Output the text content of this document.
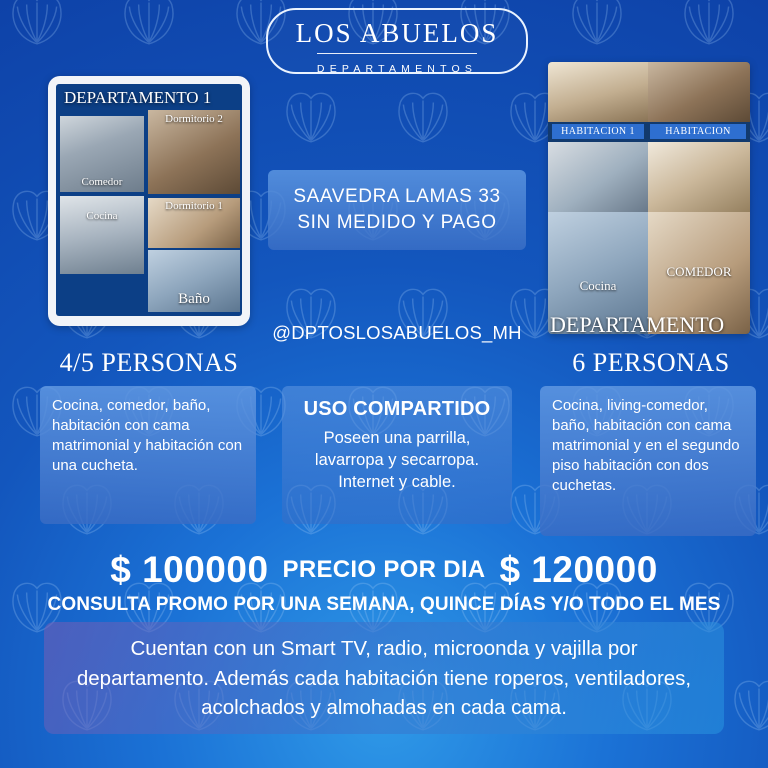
LOS ABUELOS
DEPARTAMENTOS
DEPARTAMENTO 1
Comedor
Dormitorio 2
Cocina
Dormitorio 1
Baño
HABITACION 1	HABITACION
Cocina
COMEDOR
DEPARTAMENTO
SAAVEDRA LAMAS 33
SIN MEDIDO Y PAGO
@DPTOSLOSABUELOS_MH
4/5 PERSONAS	6 PERSONAS
Cocina, comedor, baño, habitación con cama matrimonial y habitación con una cucheta.
USO COMPARTIDO
Poseen una parrilla, lavarropa y secarropa. Internet y cable.
Cocina, living-comedor, baño, habitación con cama matrimonial y en el segundo piso habitación con dos cuchetas.
$ 100000 PRECIO POR DIA $ 120000
CONSULTA PROMO POR UNA SEMANA, QUINCE DÍAS Y/O TODO EL MES
Cuentan con un Smart TV, radio, microonda y vajilla por departamento. Además cada habitación tiene roperos, ventiladores, acolchados y almohadas en cada cama.
